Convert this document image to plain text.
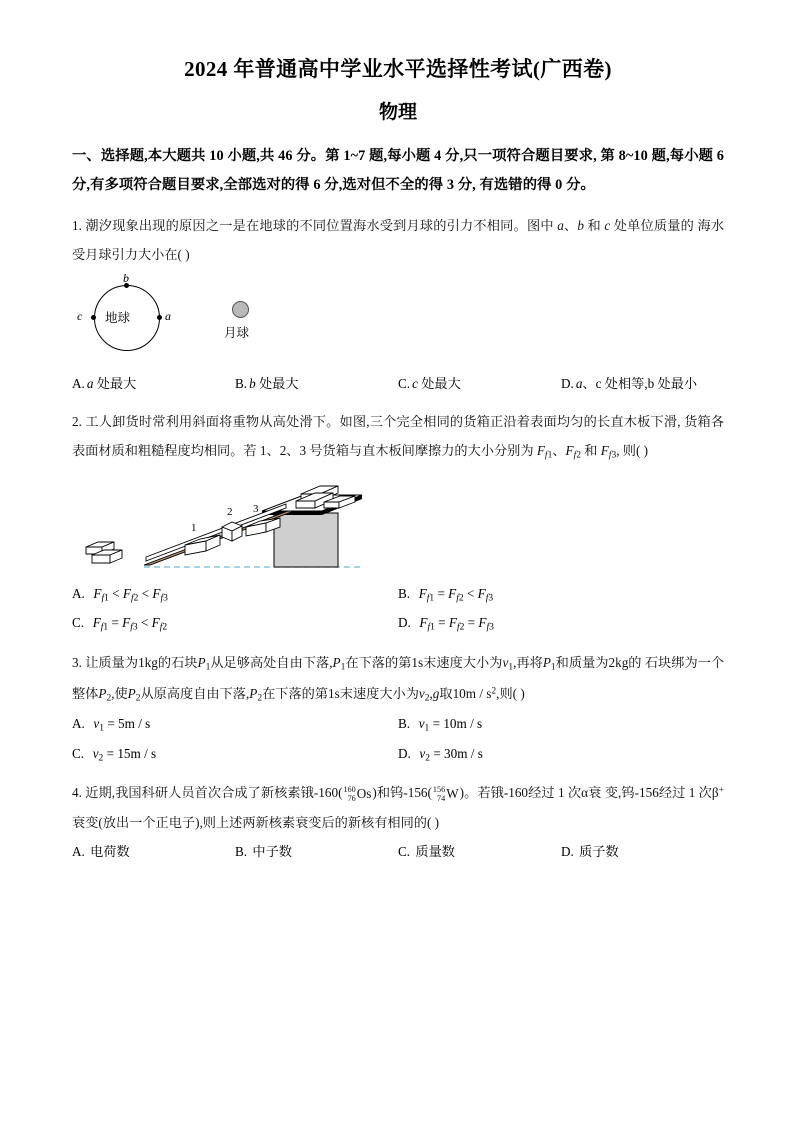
2024 年普通高中学业水平选择性考试(广西卷)
物理
一、选择题,本大题共 10 小题,共 46 分。第 1~7 题,每小题 4 分,只一项符合题目要求, 第 8~10 题,每小题 6 分,有多项符合题目要求,全部选对的得 6 分,选对但不全的得 3 分, 有选错的得 0 分。
1. 潮汐现象出现的原因之一是在地球的不同位置海水受到月球的引力不相同。图中 a、b 和 c 处单位质量的 海水受月球引力大小在( )
地球
b
a
c
月球
A. a 处最大	B. b 处最大	C. c 处最大	D. a、c 处相等,b 处最小
2. 工人卸货时常利用斜面将重物从高处滑下。如图,三个完全相同的货箱正沿着表面均匀的长直木板下滑, 货箱各表面材质和粗糙程度均相同。若 1、2、3 号货箱与直木板间摩擦力的大小分别为 $F_{f1}$、$F_{f2}$ 和 $F_{f3}$, 则( )
1
2 3
A. $F_{f1} < F_{f2} < F_{f3}$	B. $F_{f1} = F_{f2} < F_{f3}$
C. $F_{f1} = F_{f3} < F_{f2}$	D. $F_{f1} = F_{f2} = F_{f3}$
3. 让质量为1kg的石块$P_1$从足够高处自由下落$,P_1$在下落的第1s末速度大小为$v_1$,再将$P_1$和质量为2kg的 石块绑为一个整体$P_2$,使$P_2$从原高度自由下落$,P_2$在下落的第1s末速度大小为$v_2,g$取$10m / s^2$,则( )
A. $v_1 = 5m / s$	B. $v_1 = 10m / s$
C. $v_2 = 15m / s$	D. $v_2 = 30m / s$
4. 近期,我国科研人员首次合成了新核素锇-160( 160
76 Os)和钨-156( 156
74 W)。若锇-160经过 1 次α衰 变,钨-156经过 1 次β+ 衰变(放出一个正电子),则上述两新核素衰变后的新核有相同的( )
A. 电荷数	B. 中子数	C. 质量数	D. 质子数
